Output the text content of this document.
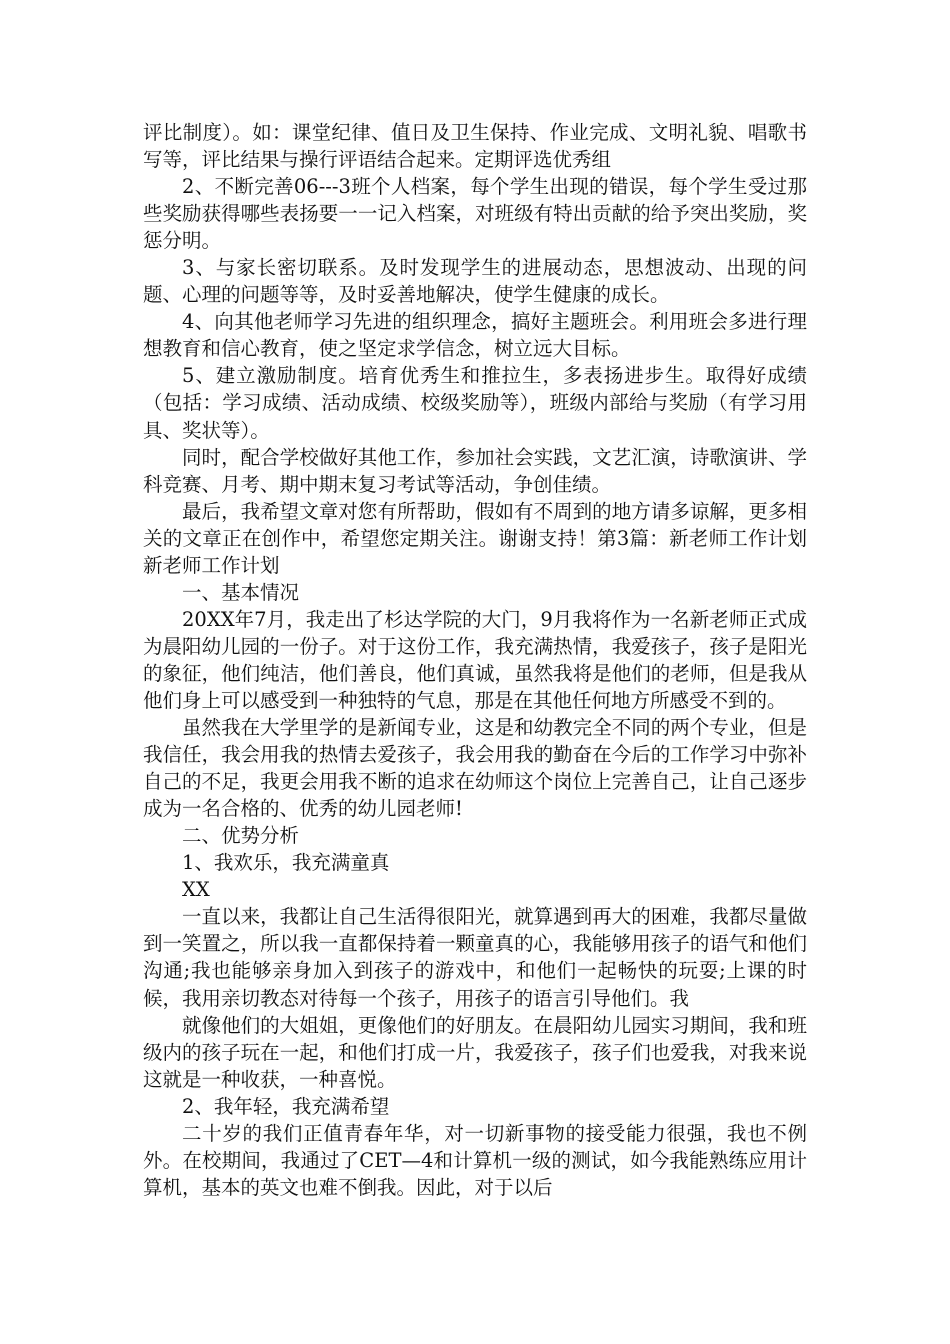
评比制度）。如：课堂纪律、值日及卫生保持、作业完成、文明礼貌、唱歌书写等，评比结果与操行评语结合起来。定期评选优秀组

2、不断完善06---3班个人档案，每个学生出现的错误，每个学生受过那些奖励获得哪些表扬要一一记入档案，对班级有特出贡献的给予突出奖励，奖惩分明。

3、与家长密切联系。及时发现学生的进展动态，思想波动、出现的问题、心理的问题等等，及时妥善地解决，使学生健康的成长。

4、向其他老师学习先进的组织理念，搞好主题班会。利用班会多进行理想教育和信心教育，使之坚定求学信念，树立远大目标。

5、建立激励制度。培育优秀生和推拉生，多表扬进步生。取得好成绩（包括：学习成绩、活动成绩、校级奖励等），班级内部给与奖励（有学习用具、奖状等）。

同时，配合学校做好其他工作，参加社会实践，文艺汇演，诗歌演讲、学科竞赛、月考、期中期末复习考试等活动，争创佳绩。

最后，我希望文章对您有所帮助，假如有不周到的地方请多谅解，更多相关的文章正在创作中，希望您定期关注。谢谢支持！第3篇：新老师工作计划新老师工作计划

一、基本情况

20XX年7月，我走出了杉达学院的大门，9月我将作为一名新老师正式成为晨阳幼儿园的一份子。对于这份工作，我充满热情，我爱孩子，孩子是阳光的象征，他们纯洁，他们善良，他们真诚，虽然我将是他们的老师，但是我从他们身上可以感受到一种独特的气息，那是在其他任何地方所感受不到的。

虽然我在大学里学的是新闻专业，这是和幼教完全不同的两个专业，但是我信任，我会用我的热情去爱孩子，我会用我的勤奋在今后的工作学习中弥补自己的不足，我更会用我不断的追求在幼师这个岗位上完善自己，让自己逐步成为一名合格的、优秀的幼儿园老师!

二、优势分析

1、我欢乐，我充满童真

XX

一直以来，我都让自己生活得很阳光，就算遇到再大的困难，我都尽量做到一笑置之，所以我一直都保持着一颗童真的心，我能够用孩子的语气和他们沟通;我也能够亲身加入到孩子的游戏中，和他们一起畅快的玩耍;上课的时候，我用亲切教态对待每一个孩子，用孩子的语言引导他们。我

就像他们的大姐姐，更像他们的好朋友。在晨阳幼儿园实习期间，我和班级内的孩子玩在一起，和他们打成一片，我爱孩子，孩子们也爱我，对我来说这就是一种收获，一种喜悦。

2、我年轻，我充满希望

二十岁的我们正值青春年华，对一切新事物的接受能力很强，我也不例外。在校期间，我通过了CET—4和计算机一级的测试，如今我能熟练应用计算机，基本的英文也难不倒我。因此，对于以后
